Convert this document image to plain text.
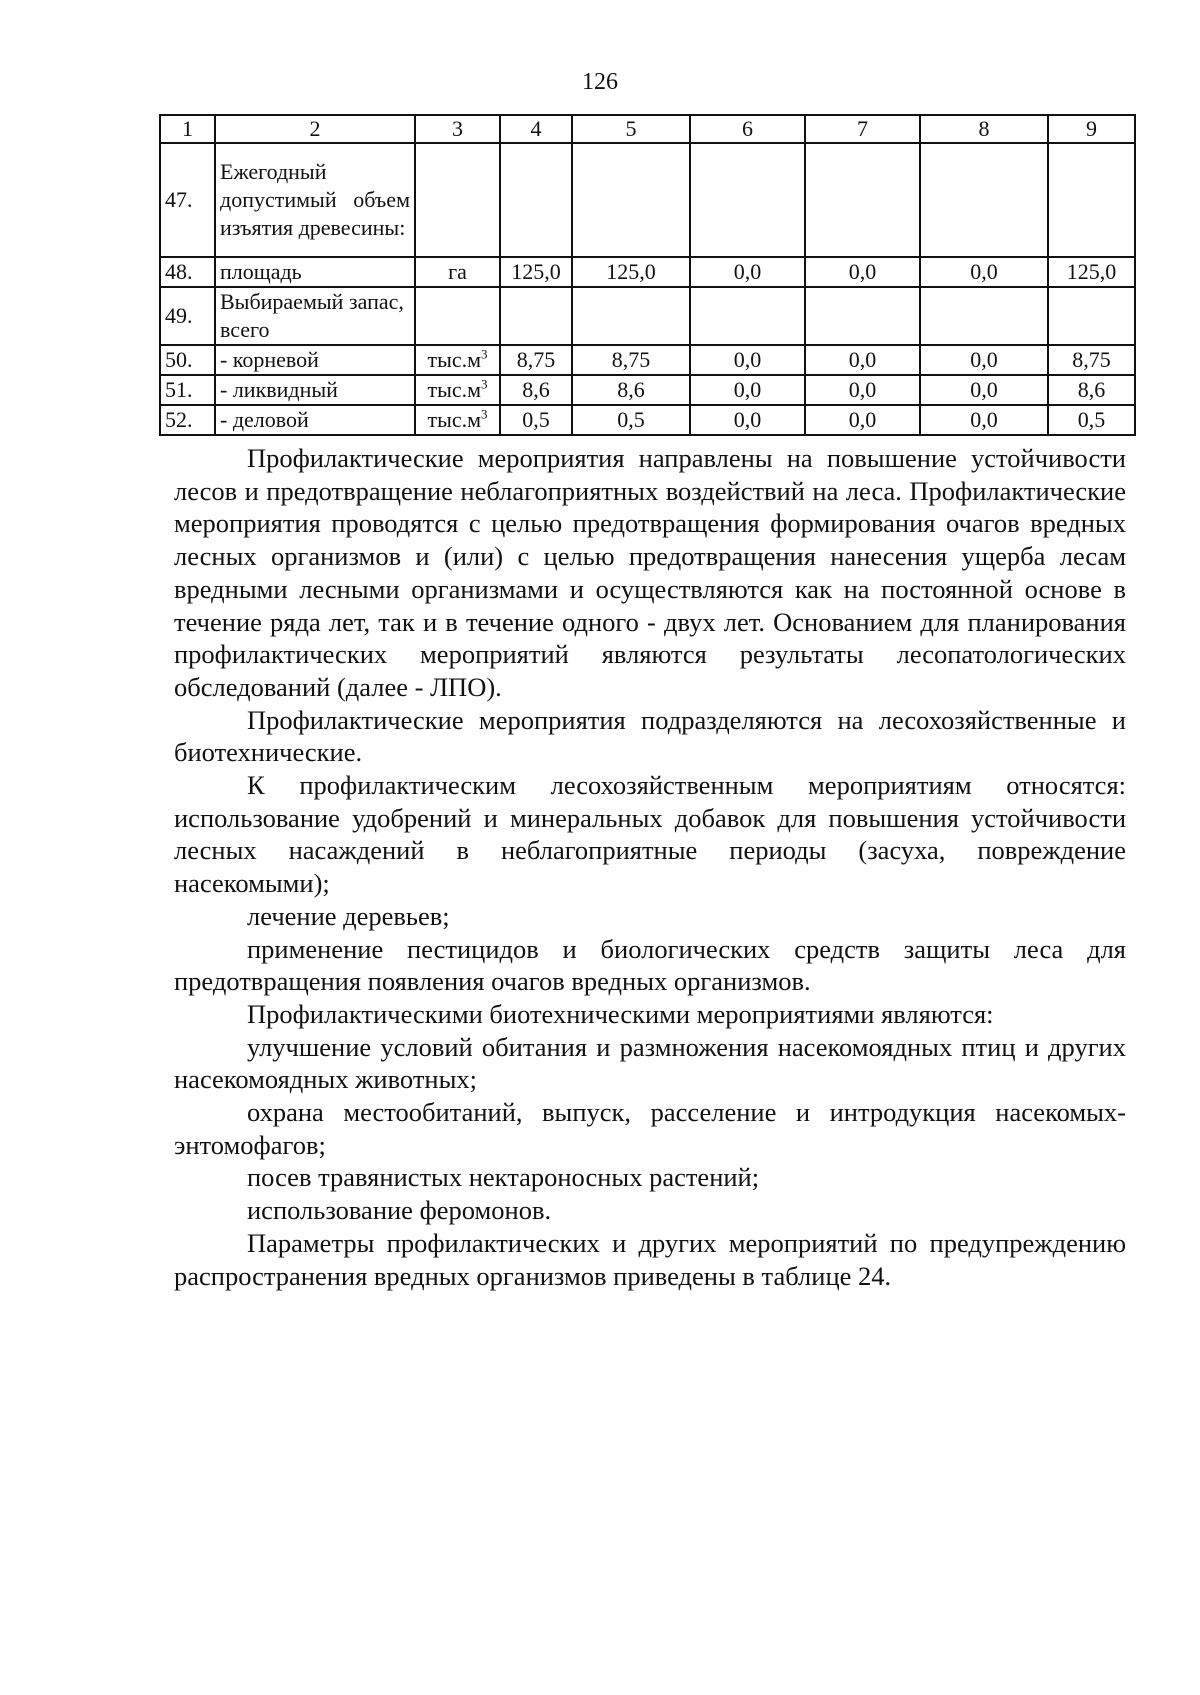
126
1	2	3	4	5	6	7	8	9
47.	Ежегодный допустимый объем изъятия древесины:							
48.	площадь	га	125,0	125,0	0,0	0,0	0,0	125,0
49.	Выбираемый запас, всего							
50.	- корневой	$тыс.м^3$	8,75	8,75	0,0	0,0	0,0	8,75
51.	- ликвидный	$тыс.м^3$	8,6	8,6	0,0	0,0	0,0	8,6
52.	- деловой	$тыс.м^3$	0,5	0,5	0,0	0,0	0,0	0,5

Профилактические мероприятия направлены на повышение устойчивости лесов и предотвращение неблагоприятных воздействий на леса. Профилактические мероприятия проводятся с целью предотвращения формирования очагов вредных лесных организмов и (или) с целью предотвращения нанесения ущерба лесам вредными лесными организмами и осуществляются как на постоянной основе в течение ряда лет, так и в течение одного - двух лет. Основанием для планирования профилактических мероприятий являются результаты лесопатологических обследований (далее - ЛПО).

Профилактические мероприятия подразделяются на лесохозяйственные и биотехнические.

К профилактическим лесохозяйственным мероприятиям относятся: использование удобрений и минеральных добавок для повышения устойчивости лесных насаждений в неблагоприятные периоды (засуха, повреждение насекомыми);

лечение деревьев;

применение пестицидов и биологических средств защиты леса для предотвращения появления очагов вредных организмов.

Профилактическими биотехническими мероприятиями являются:

улучшение условий обитания и размножения насекомоядных птиц и других насекомоядных животных;

охрана местообитаний, выпуск, расселение и интродукция насекомых-энтомофагов;

посев травянистых нектароносных растений;

использование феромонов.

Параметры профилактических и других мероприятий по предупреждению распространения вредных организмов приведены в таблице 24.
